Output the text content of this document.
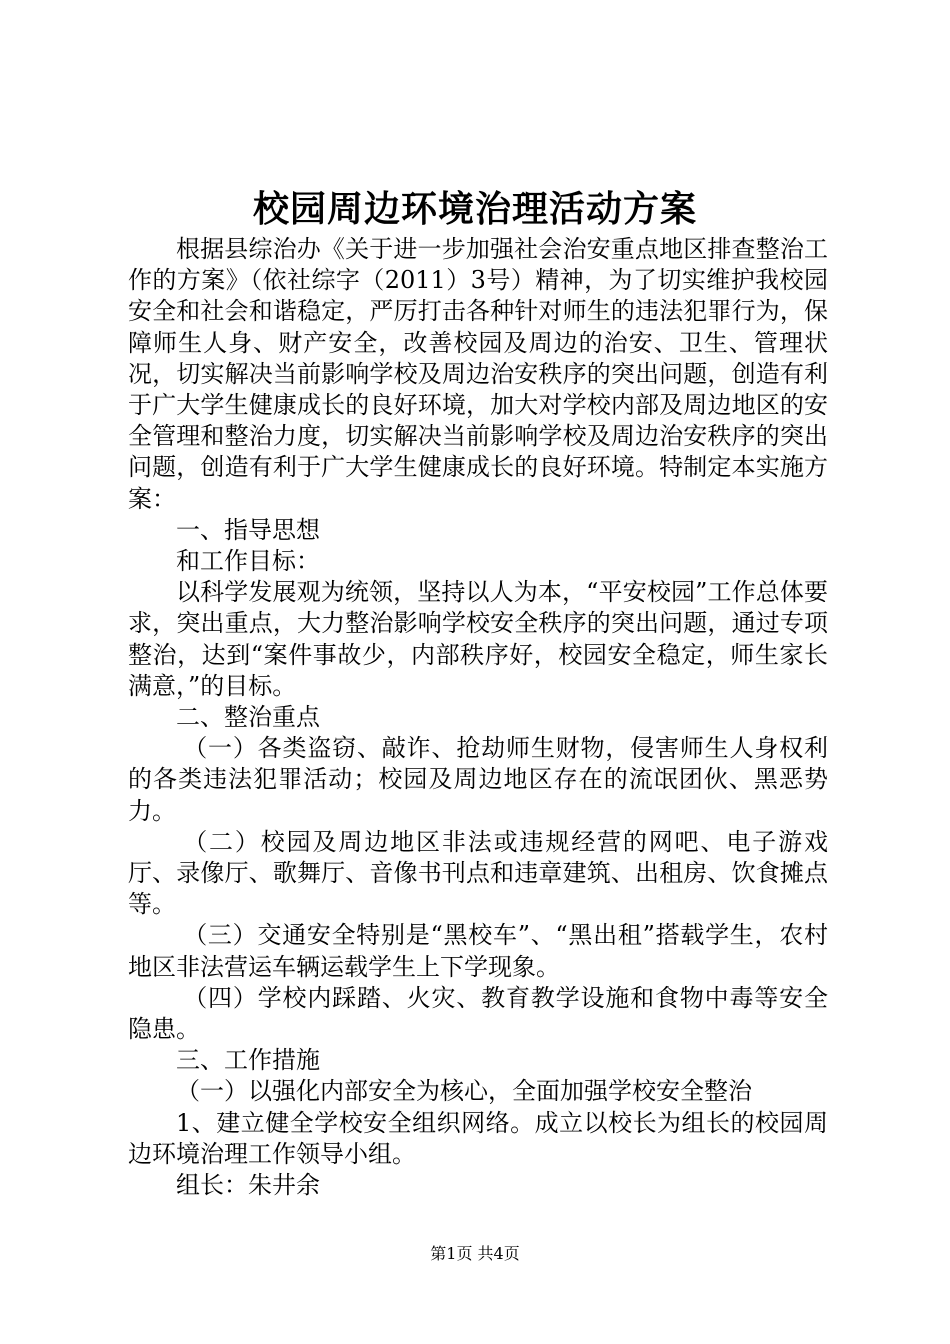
校园周边环境治理活动方案

根据县综治办《关于进一步加强社会治安重点地区排查整治工作的方案》（依社综字（2011）3号）精神，为了切实维护我校园安全和社会和谐稳定，严厉打击各种针对师生的违法犯罪行为，保障师生人身、财产安全，改善校园及周边的治安、卫生、管理状况，切实解决当前影响学校及周边治安秩序的突出问题，创造有利于广大学生健康成长的良好环境，加大对学校内部及周边地区的安全管理和整治力度，切实解决当前影响学校及周边治安秩序的突出问题，创造有利于广大学生健康成长的良好环境。特制定本实施方案：

一、指导思想

和工作目标：

以科学发展观为统领，坚持以人为本，“平安校园”工作总体要求，突出重点，大力整治影响学校安全秩序的突出问题，通过专项整治，达到“案件事故少，内部秩序好，校园安全稳定，师生家长满意，”的目标。

二、整治重点

（一）各类盗窃、敲诈、抢劫师生财物，侵害师生人身权利的各类违法犯罪活动；校园及周边地区存在的流氓团伙、黑恶势力。

（二）校园及周边地区非法或违规经营的网吧、电子游戏厅、录像厅、歌舞厅、音像书刊点和违章建筑、出租房、饮食摊点等。

（三）交通安全特别是“黑校车”、“黑出租”搭载学生，农村地区非法营运车辆运载学生上下学现象。

（四）学校内踩踏、火灾、教育教学设施和食物中毒等安全隐患。

三、工作措施

（一）以强化内部安全为核心，全面加强学校安全整治

1、建立健全学校安全组织网络。成立以校长为组长的校园周边环境治理工作领导小组。

组长：朱井余

第1页 共4页
